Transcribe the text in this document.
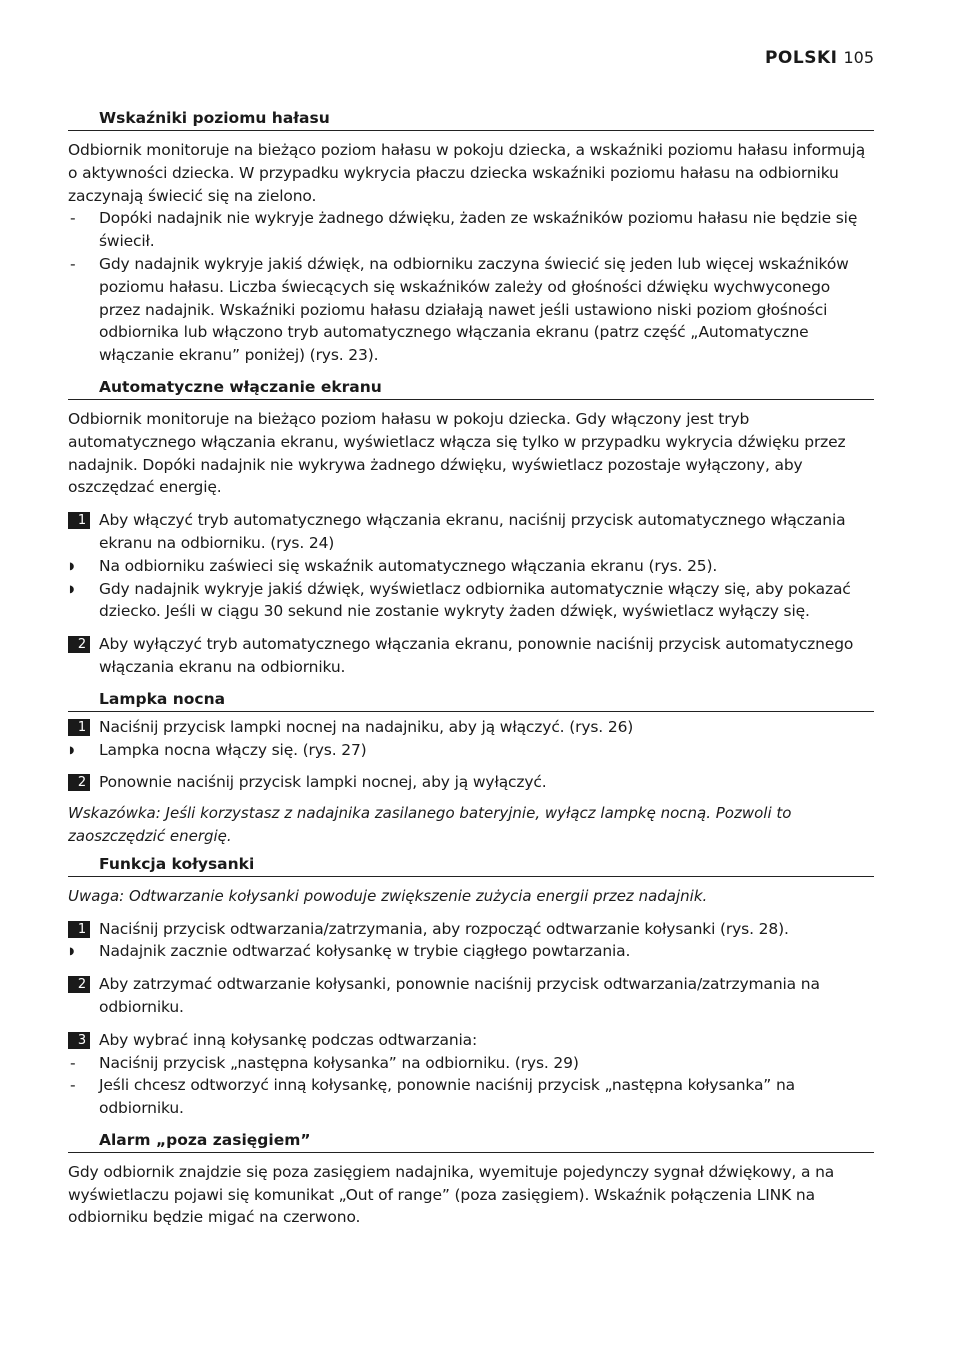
POLSKI 105
Wskaźniki poziomu hałasu

Odbiornik monitoruje na bieżąco poziom hałasu w pokoju dziecka, a wskaźniki poziomu hałasu informują o aktywności dziecka. W przypadku wykrycia płaczu dziecka wskaźniki poziomu hałasu na odbiorniku zaczynają świecić się na zielono.

- Dopóki nadajnik nie wykryje żadnego dźwięku, żaden ze wskaźników poziomu hałasu nie będzie się świecił.
- Gdy nadajnik wykryje jakiś dźwięk, na odbiorniku zaczyna świecić się jeden lub więcej wskaźników poziomu hałasu. Liczba świecących się wskaźników zależy od głośności dźwięku wychwyconego przez nadajnik. Wskaźniki poziomu hałasu działają nawet jeśli ustawiono niski poziom głośności odbiornika lub włączono tryb automatycznego włączania ekranu (patrz część „Automatyczne włączanie ekranu” poniżej) (rys. 23).
Automatyczne włączanie ekranu

Odbiornik monitoruje na bieżąco poziom hałasu w pokoju dziecka. Gdy włączony jest tryb automatycznego włączania ekranu, wyświetlacz włącza się tylko w przypadku wykrycia dźwięku przez nadajnik. Dopóki nadajnik nie wykrywa żadnego dźwięku, wyświetlacz pozostaje wyłączony, aby oszczędzać energię.

1 Aby włączyć tryb automatycznego włączania ekranu, naciśnij przycisk automatycznego włączania ekranu na odbiorniku. (rys. 24)
◗ Na odbiorniku zaświeci się wskaźnik automatycznego włączania ekranu (rys. 25).
◗ Gdy nadajnik wykryje jakiś dźwięk, wyświetlacz odbiornika automatycznie włączy się, aby pokazać dziecko. Jeśli w ciągu 30 sekund nie zostanie wykryty żaden dźwięk, wyświetlacz wyłączy się.
2 Aby wyłączyć tryb automatycznego włączania ekranu, ponownie naciśnij przycisk automatycznego włączania ekranu na odbiorniku.
Lampka nocna
1 Naciśnij przycisk lampki nocnej na nadajniku, aby ją włączyć. (rys. 26)
◗ Lampka nocna włączy się. (rys. 27)
2 Ponownie naciśnij przycisk lampki nocnej, aby ją wyłączyć.

Wskazówka: Jeśli korzystasz z nadajnika zasilanego bateryjnie, wyłącz lampkę nocną. Pozwoli to zaoszczędzić energię.

Funkcja kołysanki

Uwaga: Odtwarzanie kołysanki powoduje zwiększenie zużycia energii przez nadajnik.

1 Naciśnij przycisk odtwarzania/zatrzymania, aby rozpocząć odtwarzanie kołysanki (rys. 28).
◗ Nadajnik zacznie odtwarzać kołysankę w trybie ciągłego powtarzania.
2 Aby zatrzymać odtwarzanie kołysanki, ponownie naciśnij przycisk odtwarzania/zatrzymania na odbiorniku.
3 Aby wybrać inną kołysankę podczas odtwarzania:
- Naciśnij przycisk „następna kołysanka” na odbiorniku. (rys. 29)
- Jeśli chcesz odtworzyć inną kołysankę, ponownie naciśnij przycisk „następna kołysanka” na odbiorniku.
Alarm „poza zasięgiem”

Gdy odbiornik znajdzie się poza zasięgiem nadajnika, wyemituje pojedynczy sygnał dźwiękowy, a na wyświetlaczu pojawi się komunikat „Out of range” (poza zasięgiem). Wskaźnik połączenia LINK na odbiorniku będzie migać na czerwono.
